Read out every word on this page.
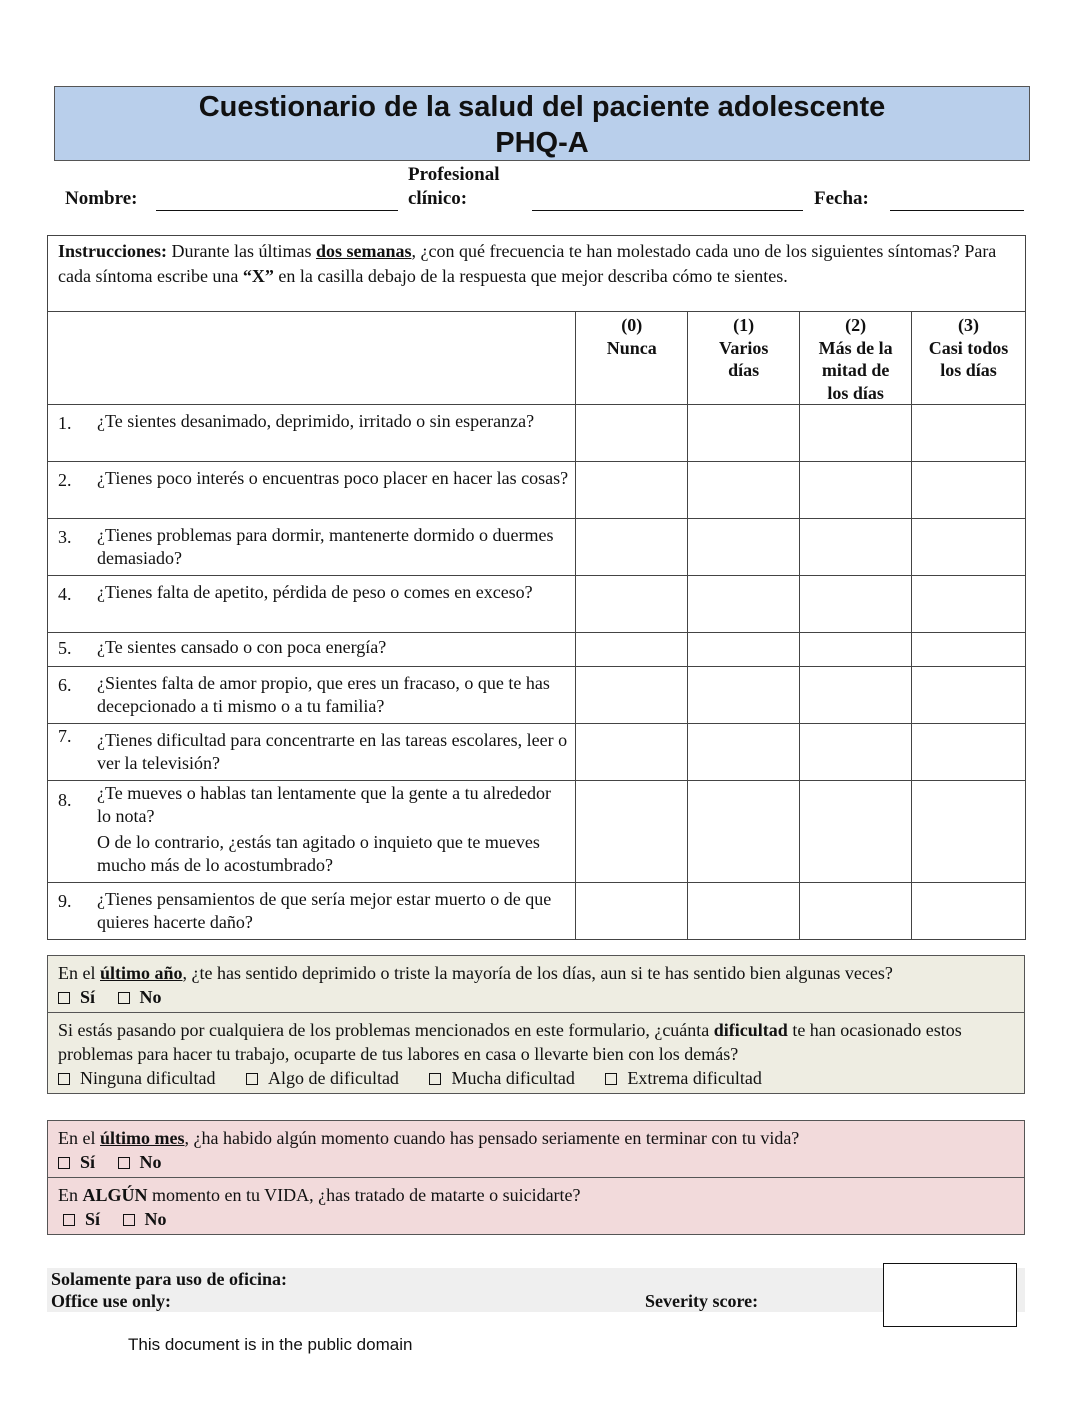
Cuestionario de la salud del paciente adolescente
PHQ-A
Nombre:
Profesional
clínico:	Fecha:
Instrucciones: Durante las últimas dos semanas, ¿con qué frecuencia te han molestado cada uno de los siguientes síntomas? Para cada síntoma escribe una “X” en la casilla debajo de la respuesta que mejor describa cómo te sientes.				

(0)
Nunca

(1)
Varios días

(2)
Más de la mitad de los días

(3)
Casi todos los días

1. ¿Te sientes desanimado, deprimido, irritado o sin esperanza?				

2. ¿Tienes poco interés o encuentras poco placer en hacer las cosas?				

3. ¿Tienes problemas para dormir, mantenerte dormido o duermes demasiado?				

4. ¿Tienes falta de apetito, pérdida de peso o comes en exceso?				

5. ¿Te sientes cansado o con poca energía?				

6. ¿Sientes falta de amor propio, que eres un fracaso, o que te has decepcionado a ti mismo o a tu familia?				

7. ¿Tienes dificultad para concentrarte en las tareas escolares, leer o ver la televisión?				

8. ¿Te mueves o hablas tan lentamente que la gente a tu alrededor lo nota?
O de lo contrario, ¿estás tan agitado o inquieto que te mueves mucho más de lo acostumbrado?				

9. ¿Tienes pensamientos de que sería mejor estar muerto o de que quieres hacerte daño?				

En el último año, ¿te has sentido deprimido o triste la mayoría de los días, aun si te has sentido bien algunas veces?
Sí No
Si estás pasando por cualquiera de los problemas mencionados en este formulario, ¿cuánta dificultad te han ocasionado estos problemas para hacer tu trabajo, ocuparte de tus labores en casa o llevarte bien con los demás?
Ninguna dificultad	Algo de dificultad	Mucha dificultad	Extrema dificultad
En el último mes, ¿ha habido algún momento cuando has pensado seriamente en terminar con tu vida?
Sí No
En ALGÚN momento en tu VIDA, ¿has tratado de matarte o suicidarte?
Sí No
Solamente para uso de oficina:
Office use only:	Severity score:
This document is in the public domain
